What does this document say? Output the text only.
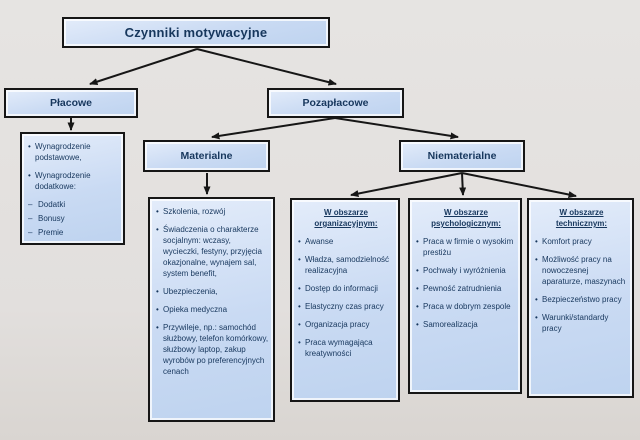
Czynniki motywacyjne
Płacowe	Pozapłacowe
Materialne	Niematerialne
• Wynagrodzenie podstawowe,
• Wynagrodzenie dodatkowe:
– Dodatki
– Bonusy
– Premie
• Szkolenia, rozwój
• Świadczenia o charakterze socjalnym: wczasy, wycieczki, festyny, przyjęcia okazjonalne, wynajem sal, system benefit,
• Ubezpieczenia,
• Opieka medyczna
• Przywileje, np.: samochód służbowy, telefon komórkowy, służbowy laptop, zakup wyrobów po preferencyjnych cenach
W obszarze organizacyjnym:
• Awanse
• Władza, samodzielność realizacyjna
• Dostęp do informacji
• Elastyczny czas pracy
• Organizacja pracy
• Praca wymagająca kreatywności
W obszarze psychologicznym:
• Praca w firmie o wysokim prestiżu
• Pochwały i wyróżnienia
• Pewność zatrudnienia
• Praca w dobrym zespole
• Samorealizacja
W obszarze technicznym:
• Komfort pracy
• Możliwość pracy na nowoczesnej aparaturze, maszynach
• Bezpieczeństwo pracy
• Warunki/standardy pracy
